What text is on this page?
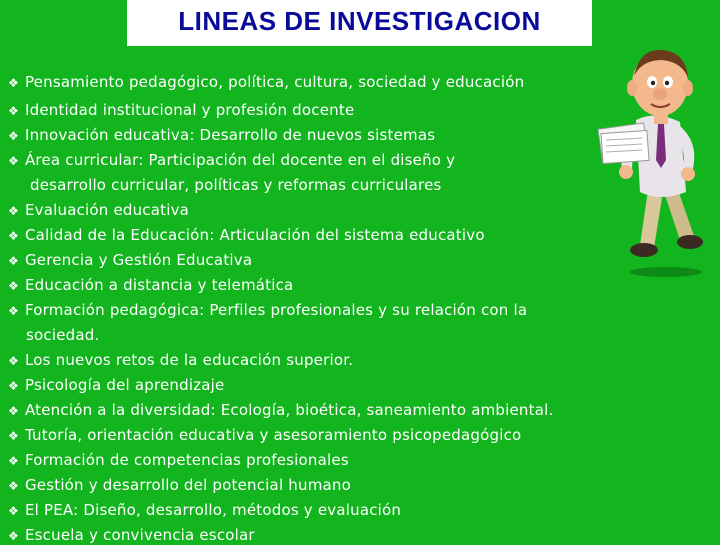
LINEAS DE INVESTIGACION
❖ Pensamiento pedagógico, política, cultura, sociedad y educación
❖ Identidad institucional y profesión docente
❖ Innovación educativa: Desarrollo de nuevos sistemas
❖ Área curricular: Participación del docente en el diseño y
desarrollo curricular, políticas y reformas curriculares
❖ Evaluación educativa
❖ Calidad de la Educación: Articulación del sistema educativo
❖ Gerencia y Gestión Educativa
❖ Educación a distancia y telemática
❖ Formación pedagógica: Perfiles profesionales y su relación con la
sociedad.
❖ Los nuevos retos de la educación superior.
❖ Psicología del aprendizaje
❖ Atención a la diversidad: Ecología, bioética, saneamiento ambiental.
❖ Tutoría, orientación educativa y asesoramiento psicopedagógico
❖ Formación de competencias profesionales
❖ Gestión y desarrollo del potencial humano
❖ El PEA: Diseño, desarrollo, métodos y evaluación
❖ Escuela y convivencia escolar
